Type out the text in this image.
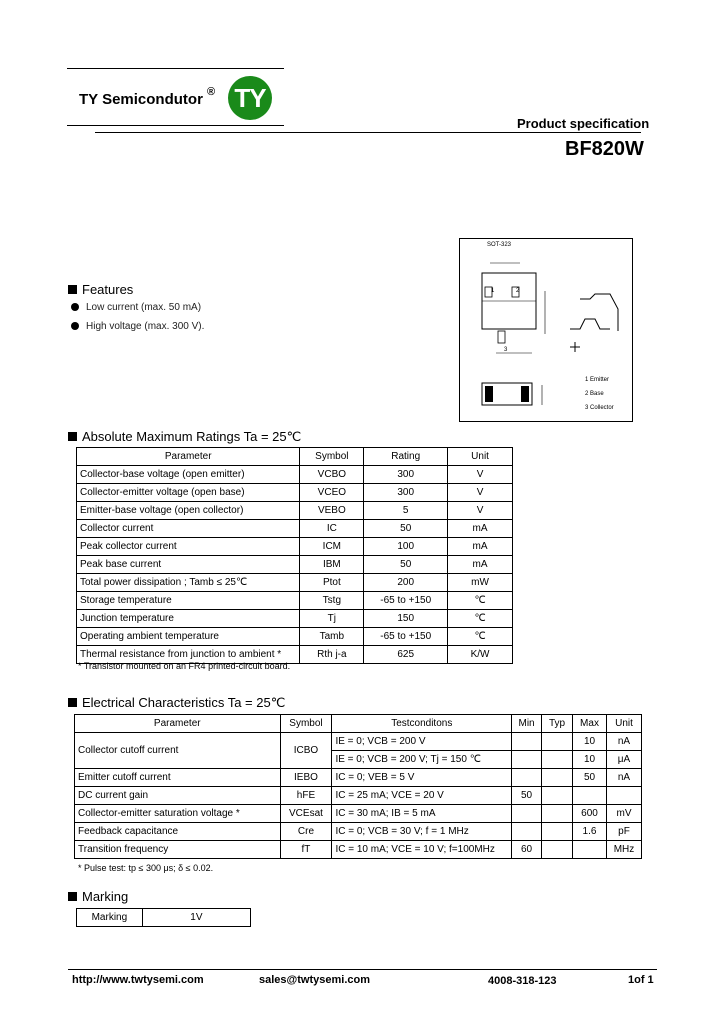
TY Semicondutor ® TY
Product specification
BF820W
SOT-323
1	2
3
1 Emitter
2 Base
3 Collector
Features
Low current (max. 50 mA)
High voltage (max. 300 V).
Absolute Maximum Ratings Ta = 25℃
Parameter	Symbol	Rating	Unit
Collector-base voltage (open emitter)	VCBO	300	V
Collector-emitter voltage (open base)	VCEO	300	V
Emitter-base voltage (open collector)	VEBO	5	V
Collector current	IC	50	mA
Peak collector current	ICM	100	mA
Peak base current	IBM	50	mA
Total power dissipation ; Tamb ≤ 25℃	Ptot	200	mW
Storage temperature	Tstg	-65 to +150	℃
Junction temperature	Tj	150	℃
Operating ambient temperature	Tamb	-65 to +150	℃
Thermal resistance from junction to ambient *	Rth j-a	625	K/W
* Transistor mounted on an FR4 printed-circuit board.
Electrical Characteristics Ta = 25℃
Parameter	Symbol	Testconditons	Min	Typ	Max	Unit
Collector cutoff current	ICBO	IE = 0; VCB = 200 V			10	nA
		IE = 0; VCB = 200 V; Tj = 150 ℃			10	μA
Emitter cutoff current	IEBO	IC = 0; VEB = 5 V			50	nA
DC current gain	hFE	IC = 25 mA; VCE = 20 V	50			
Collector-emitter saturation voltage *	VCEsat	IC = 30 mA; IB = 5 mA			600	mV
Feedback capacitance	Cre	IC = 0; VCB = 30 V; f = 1 MHz			1.6	pF
Transition frequency	fT	IC = 10 mA; VCE = 10 V; f=100MHz	60			MHz
* Pulse test: tp ≤ 300 μs; δ ≤ 0.02.
Marking
Marking	1V
http://www.twtysemi.com	sales@twtysemi.com	4008-318-123	1of 1
